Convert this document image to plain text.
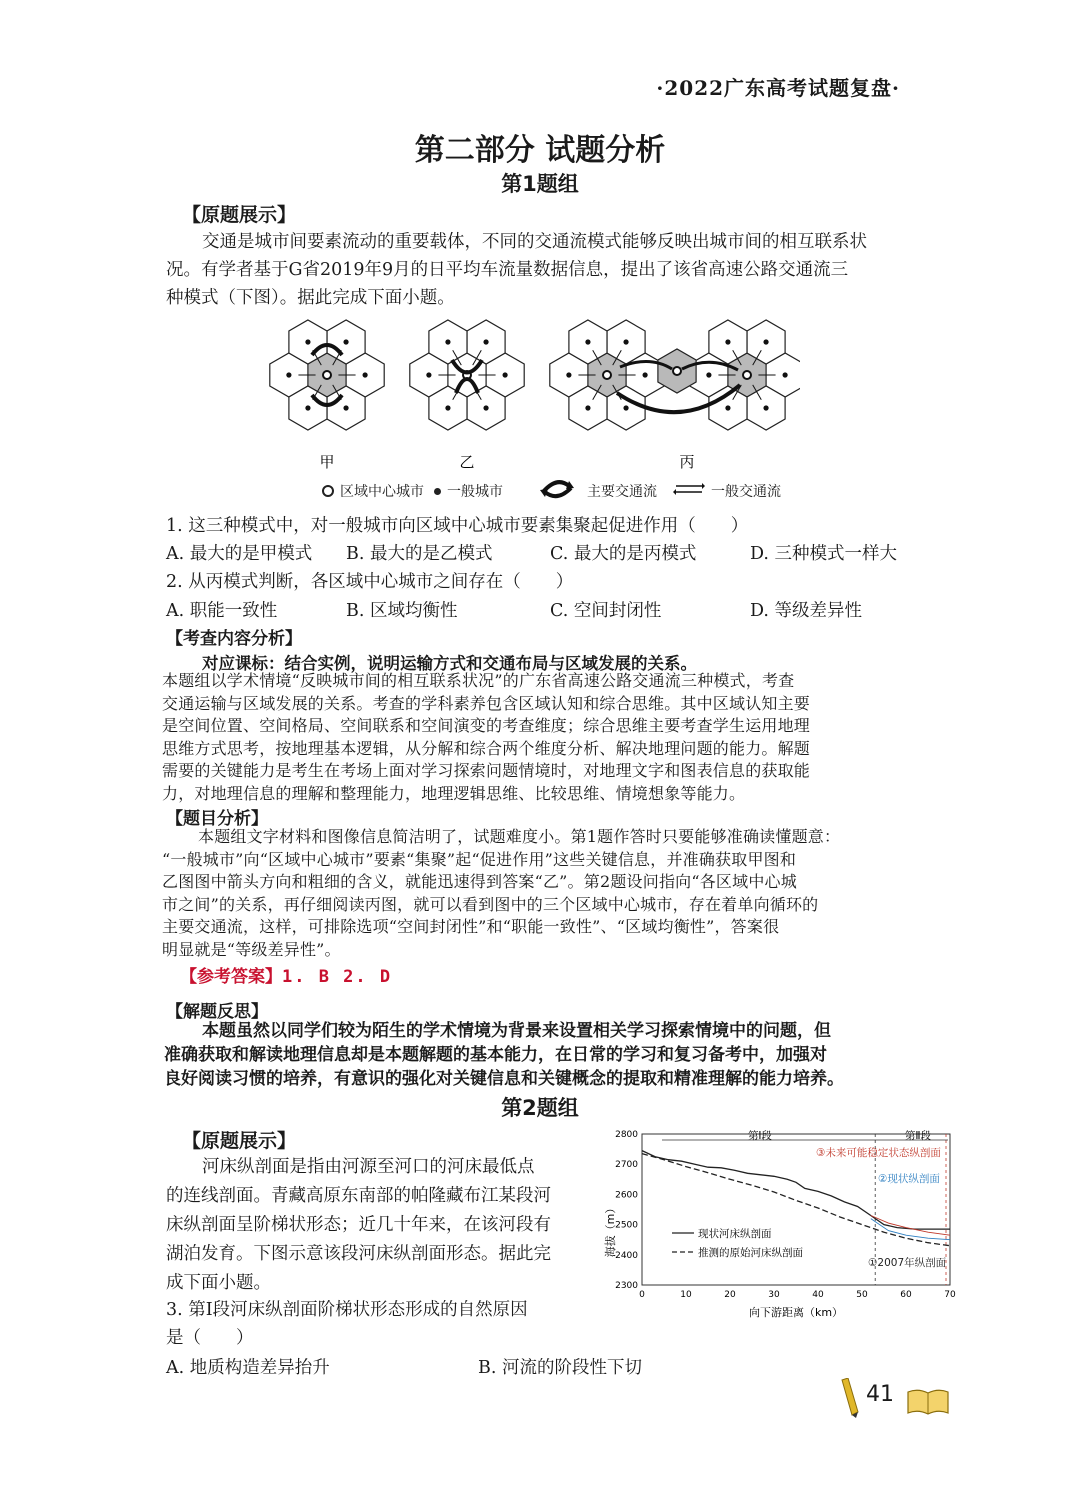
·2022广东高考试题复盘·
第二部分 试题分析
第1题组
【原题展示】
交通是城市间要素流动的重要载体，不同的交通流模式能够反映出城市间的相互联系状
况。有学者基于G省2019年9月的日平均车流量数据信息，提出了该省高速公路交通流三
种模式（下图）。据此完成下面小题。
甲	乙	丙
区域中心城市 一般城市	主要交通流	一般交通流
1. 这三种模式中，对一般城市向区域中心城市要素集聚起促进作用（　　）
A. 最大的是甲模式 B. 最大的是乙模式	C. 最大的是丙模式	D. 三种模式一样大
2. 从丙模式判断，各区域中心城市之间存在（　　）
A. 职能一致性	B. 区域均衡性	C. 空间封闭性	D. 等级差异性
【考查内容分析】
对应课标：结合实例，说明运输方式和交通布局与区域发展的关系。
本题组以学术情境“反映城市间的相互联系状况”的广东省高速公路交通流三种模式，考查
交通运输与区域发展的关系。考查的学科素养包含区域认知和综合思维。其中区域认知主要
是空间位置、空间格局、空间联系和空间演变的考查维度；综合思维主要考查学生运用地理
思维方式思考，按地理基本逻辑，从分解和综合两个维度分析、解决地理问题的能力。解题
需要的关键能力是考生在考场上面对学习探索问题情境时，对地理文字和图表信息的获取能
力，对地理信息的理解和整理能力，地理逻辑思维、比较思维、情境想象等能力。
【题目分析】
本题组文字材料和图像信息简洁明了，试题难度小。第1题作答时只要能够准确读懂题意：
“一般城市”向“区域中心城市”要素“集聚”起“促进作用”这些关键信息，并准确获取甲图和
乙图图中箭头方向和粗细的含义，就能迅速得到答案“乙”。第2题设问指向“各区域中心城
市之间”的关系，再仔细阅读丙图，就可以看到图中的三个区域中心城市，存在着单向循环的
主要交通流，这样，可排除选项“空间封闭性”和“职能一致性”、“区域均衡性”，答案很
明显就是“等级差异性”。
【参考答案】1. B 2. D
【解题反思】
本题虽然以同学们较为陌生的学术情境为背景来设置相关学习探索情境中的问题，但
准确获取和解读地理信息却是本题解题的基本能力，在日常的学习和复习备考中，加强对
良好阅读习惯的培养，有意识的强化对关键信息和关键概念的提取和精准理解的能力培养。
第2题组
【原题展示】
河床纵剖面是指由河源至河口的河床最低点
的连线剖面。青藏高原东南部的帕隆藏布江某段河
床纵剖面呈阶梯状形态；近几十年来，在该河段有
湖泊发育。下图示意该段河床纵剖面形态。据此完
成下面小题。
3. 第Ⅰ段河床纵剖面阶梯状形态形成的自然原因
是（　　）
A. 地质构造差异抬升	B. 河流的阶段性下切
0	10	20	30	40	50	60	70
2300
2400
2500
2600
2700
2800
海拔（m）
向下游距离（km）
第Ⅰ段	第Ⅱ段
③未来可能稳定状态纵剖面
②现状纵剖面
①2007年纵剖面
现状河床纵剖面
推测的原始河床纵剖面
41
